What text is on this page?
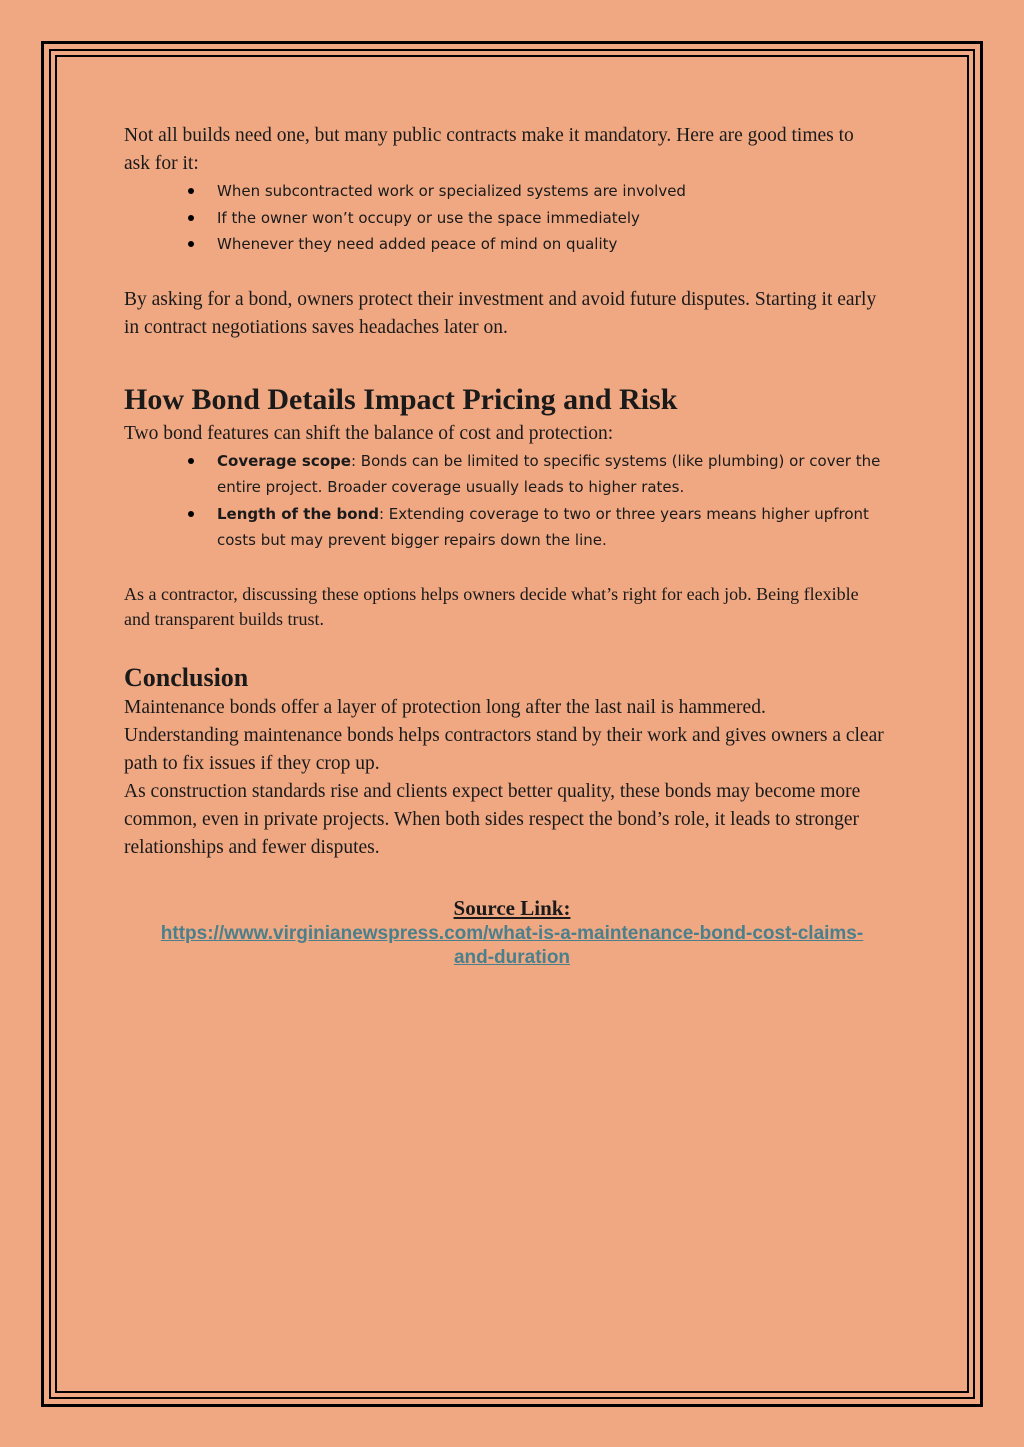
Not all builds need one, but many public contracts make it mandatory. Here are good times to ask for it:

When subcontracted work or specialized systems are involved
If the owner won’t occupy or use the space immediately
Whenever they need added peace of mind on quality

By asking for a bond, owners protect their investment and avoid future disputes. Starting it early in contract negotiations saves headaches later on.

How Bond Details Impact Pricing and Risk

Two bond features can shift the balance of cost and protection:

Coverage scope: Bonds can be limited to specific systems (like plumbing) or cover the entire project. Broader coverage usually leads to higher rates.
Length of the bond: Extending coverage to two or three years means higher upfront costs but may prevent bigger repairs down the line.

As a contractor, discussing these options helps owners decide what’s right for each job. Being flexible and transparent builds trust.

Conclusion

Maintenance bonds offer a layer of protection long after the last nail is hammered. Understanding maintenance bonds helps contractors stand by their work and gives owners a clear path to fix issues if they crop up.

As construction standards rise and clients expect better quality, these bonds may become more common, even in private projects. When both sides respect the bond’s role, it leads to stronger relationships and fewer disputes.

Source Link:
https://www.virginianewspress.com/what-is-a-maintenance-bond-cost-claims-
and-duration
